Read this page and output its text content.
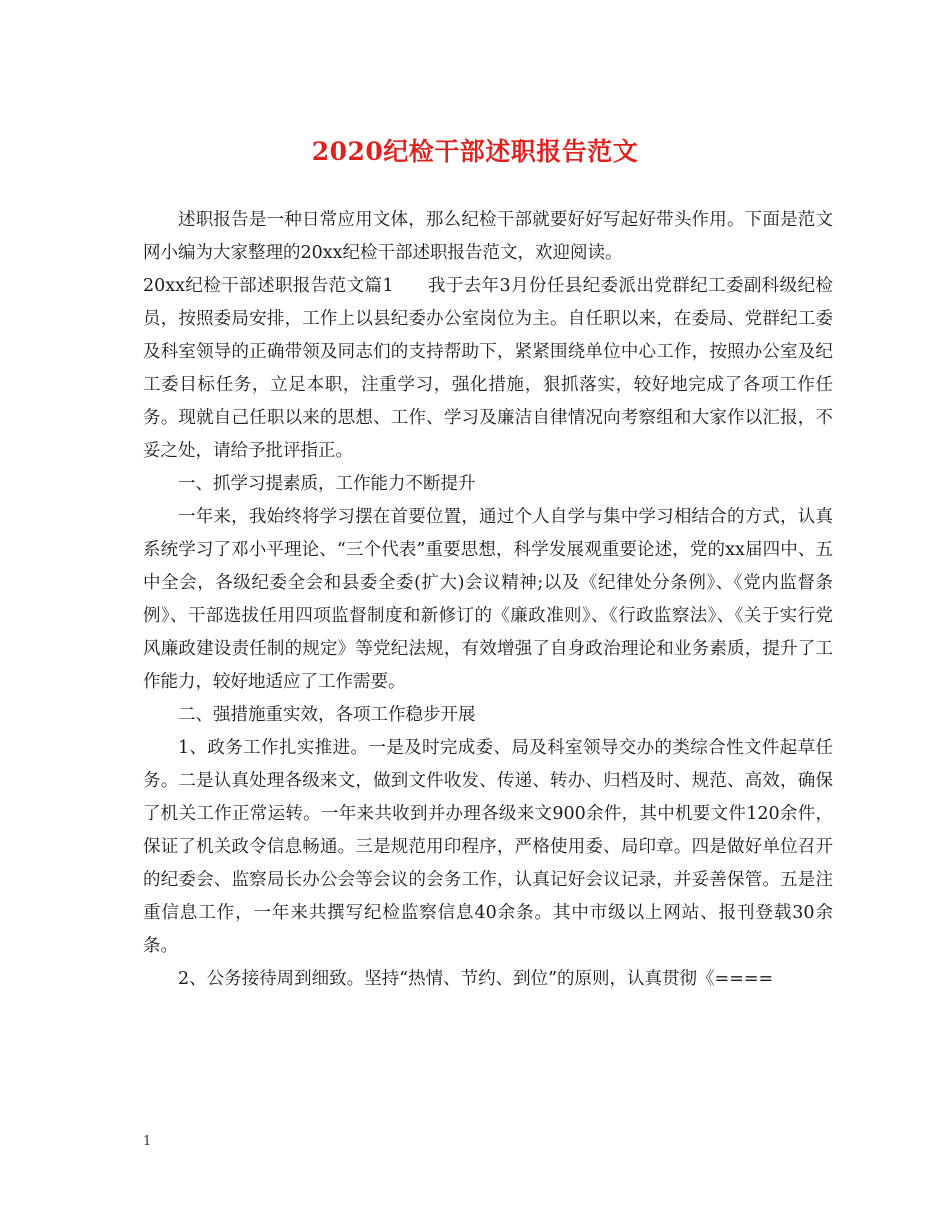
2020纪检干部述职报告范文

述职报告是一种日常应用文体，那么纪检干部就要好好写起好带头作用。下面是范文网小编为大家整理的20xx纪检干部述职报告范文，欢迎阅读。

20xx纪检干部述职报告范文篇1 我于去年3月份任县纪委派出党群纪工委副科级纪检员，按照委局安排，工作上以县纪委办公室岗位为主。自任职以来，在委局、党群纪工委及科室领导的正确带领及同志们的支持帮助下，紧紧围绕单位中心工作，按照办公室及纪工委目标任务，立足本职，注重学习，强化措施，狠抓落实，较好地完成了各项工作任务。现就自己任职以来的思想、工作、学习及廉洁自律情况向考察组和大家作以汇报，不妥之处，请给予批评指正。

一、抓学习提素质，工作能力不断提升

一年来，我始终将学习摆在首要位置，通过个人自学与集中学习相结合的方式，认真系统学习了邓小平理论、“三个代表”重要思想，科学发展观重要论述，党的xx届四中、五中全会，各级纪委全会和县委全委(扩大)会议精神;以及《纪律处分条例》、《党内监督条例》、干部选拔任用四项监督制度和新修订的《廉政准则》、《行政监察法》、《关于实行党风廉政建设责任制的规定》等党纪法规，有效增强了自身政治理论和业务素质，提升了工作能力，较好地适应了工作需要。

二、强措施重实效，各项工作稳步开展

1、政务工作扎实推进。一是及时完成委、局及科室领导交办的类综合性文件起草任务。二是认真处理各级来文，做到文件收发、传递、转办、归档及时、规范、高效，确保了机关工作正常运转。一年来共收到并办理各级来文900余件，其中机要文件120余件，保证了机关政令信息畅通。三是规范用印程序，严格使用委、局印章。四是做好单位召开的纪委会、监察局长办公会等会议的会务工作，认真记好会议记录，并妥善保管。五是注重信息工作，一年来共撰写纪检监察信息40余条。其中市级以上网站、报刊登载30余条。

2、公务接待周到细致。坚持“热情、节约、到位”的原则，认真贯彻《====

1
